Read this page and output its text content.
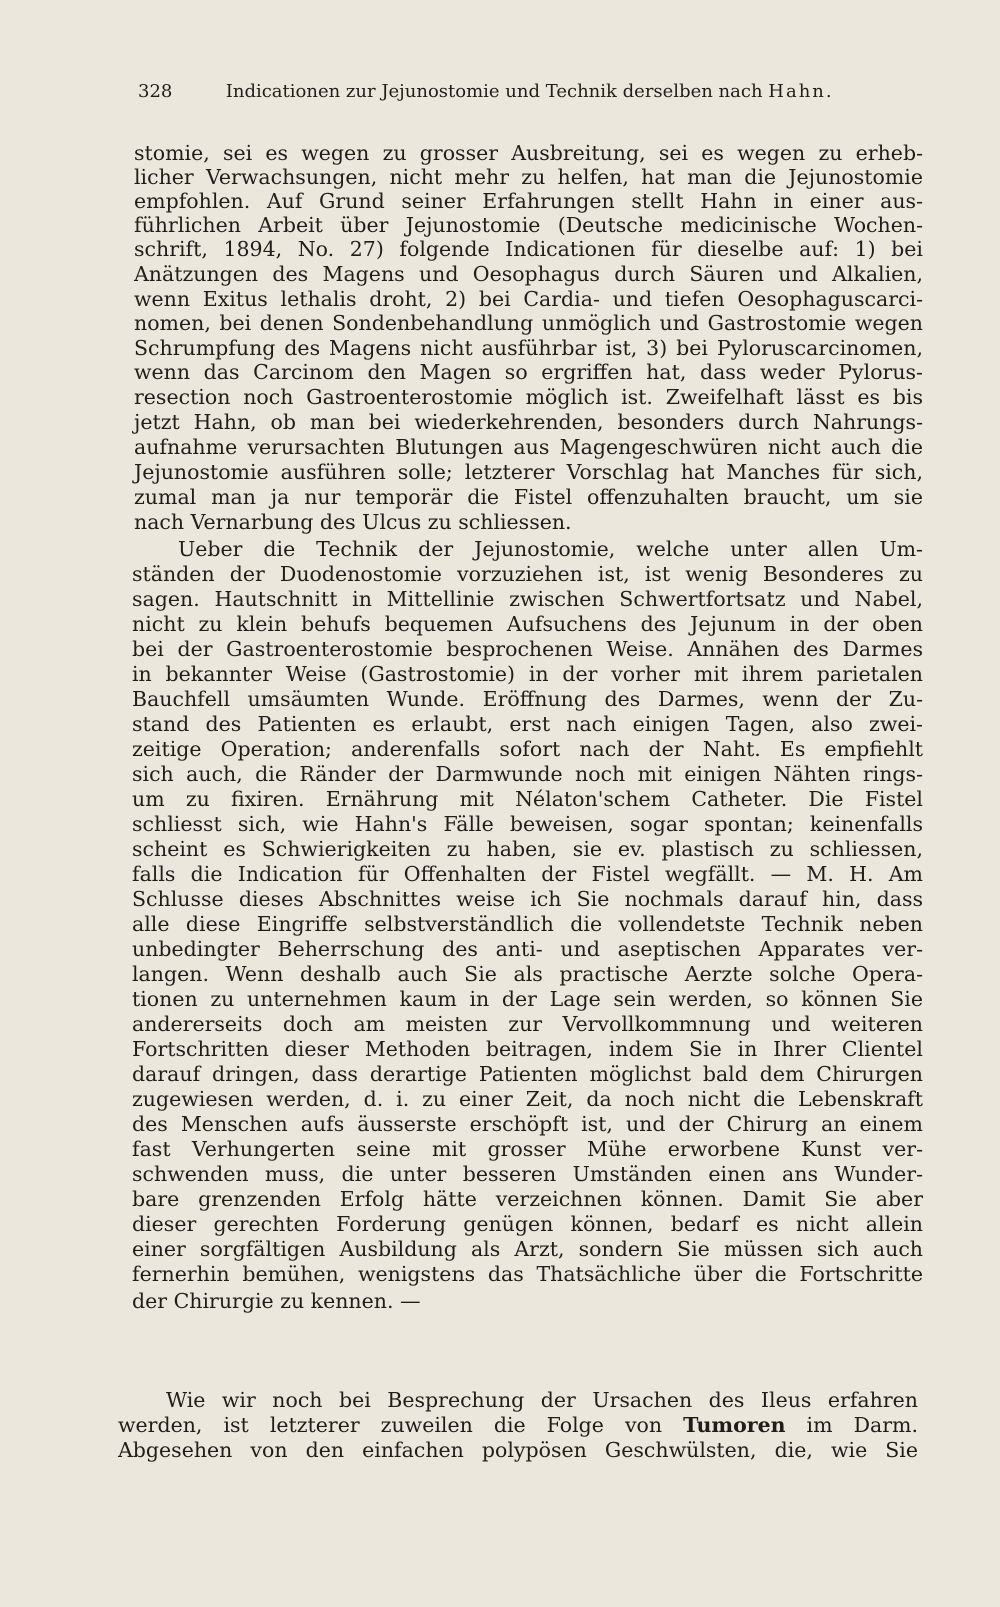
328	Indicationen zur Jejunostomie und Technik derselben nach Hahn.
stomie, sei es wegen zu grosser Ausbreitung, sei es wegen zu erheb-
licher Verwachsungen, nicht mehr zu helfen, hat man die Jejunostomie
empfohlen. Auf Grund seiner Erfahrungen stellt Hahn in einer aus-
führlichen Arbeit über Jejunostomie (Deutsche medicinische Wochen-
schrift, 1894, No. 27) folgende Indicationen für dieselbe auf: 1) bei
Anätzungen des Magens und Oesophagus durch Säuren und Alkalien,
wenn Exitus lethalis droht, 2) bei Cardia- und tiefen Oesophaguscarci-
nomen, bei denen Sondenbehandlung unmöglich und Gastrostomie wegen
Schrumpfung des Magens nicht ausführbar ist, 3) bei Pyloruscarcinomen,
wenn das Carcinom den Magen so ergriffen hat, dass weder Pylorus-
resection noch Gastroenterostomie möglich ist. Zweifelhaft lässt es bis
jetzt Hahn, ob man bei wiederkehrenden, besonders durch Nahrungs-
aufnahme verursachten Blutungen aus Magengeschwüren nicht auch die
Jejunostomie ausführen solle; letzterer Vorschlag hat Manches für sich,
zumal man ja nur temporär die Fistel offenzuhalten braucht, um sie
nach Vernarbung des Ulcus zu schliessen.
Ueber die Technik der Jejunostomie, welche unter allen Um-
ständen der Duodenostomie vorzuziehen ist, ist wenig Besonderes zu
sagen. Hautschnitt in Mittellinie zwischen Schwertfortsatz und Nabel,
nicht zu klein behufs bequemen Aufsuchens des Jejunum in der oben
bei der Gastroenterostomie besprochenen Weise. Annähen des Darmes
in bekannter Weise (Gastrostomie) in der vorher mit ihrem parietalen
Bauchfell umsäumten Wunde. Eröffnung des Darmes, wenn der Zu-
stand des Patienten es erlaubt, erst nach einigen Tagen, also zwei-
zeitige Operation; anderenfalls sofort nach der Naht. Es empfiehlt
sich auch, die Ränder der Darmwunde noch mit einigen Nähten rings-
um zu fixiren. Ernährung mit Nélaton'schem Catheter. Die Fistel
schliesst sich, wie Hahn's Fälle beweisen, sogar spontan; keinenfalls
scheint es Schwierigkeiten zu haben, sie ev. plastisch zu schliessen,
falls die Indication für Offenhalten der Fistel wegfällt. — M. H. Am
Schlusse dieses Abschnittes weise ich Sie nochmals darauf hin, dass
alle diese Eingriffe selbstverständlich die vollendetste Technik neben
unbedingter Beherrschung des anti- und aseptischen Apparates ver-
langen. Wenn deshalb auch Sie als practische Aerzte solche Opera-
tionen zu unternehmen kaum in der Lage sein werden, so können Sie
andererseits doch am meisten zur Vervollkommnung und weiteren
Fortschritten dieser Methoden beitragen, indem Sie in Ihrer Clientel
darauf dringen, dass derartige Patienten möglichst bald dem Chirurgen
zugewiesen werden, d. i. zu einer Zeit, da noch nicht die Lebenskraft
des Menschen aufs äusserste erschöpft ist, und der Chirurg an einem
fast Verhungerten seine mit grosser Mühe erworbene Kunst ver-
schwenden muss, die unter besseren Umständen einen ans Wunder-
bare grenzenden Erfolg hätte verzeichnen können. Damit Sie aber
dieser gerechten Forderung genügen können, bedarf es nicht allein
einer sorgfältigen Ausbildung als Arzt, sondern Sie müssen sich auch
fernerhin bemühen, wenigstens das Thatsächliche über die Fortschritte
der Chirurgie zu kennen. —
Wie wir noch bei Besprechung der Ursachen des Ileus erfahren
werden, ist letzterer zuweilen die Folge von Tumoren im Darm.
Abgesehen von den einfachen polypösen Geschwülsten, die, wie Sie
